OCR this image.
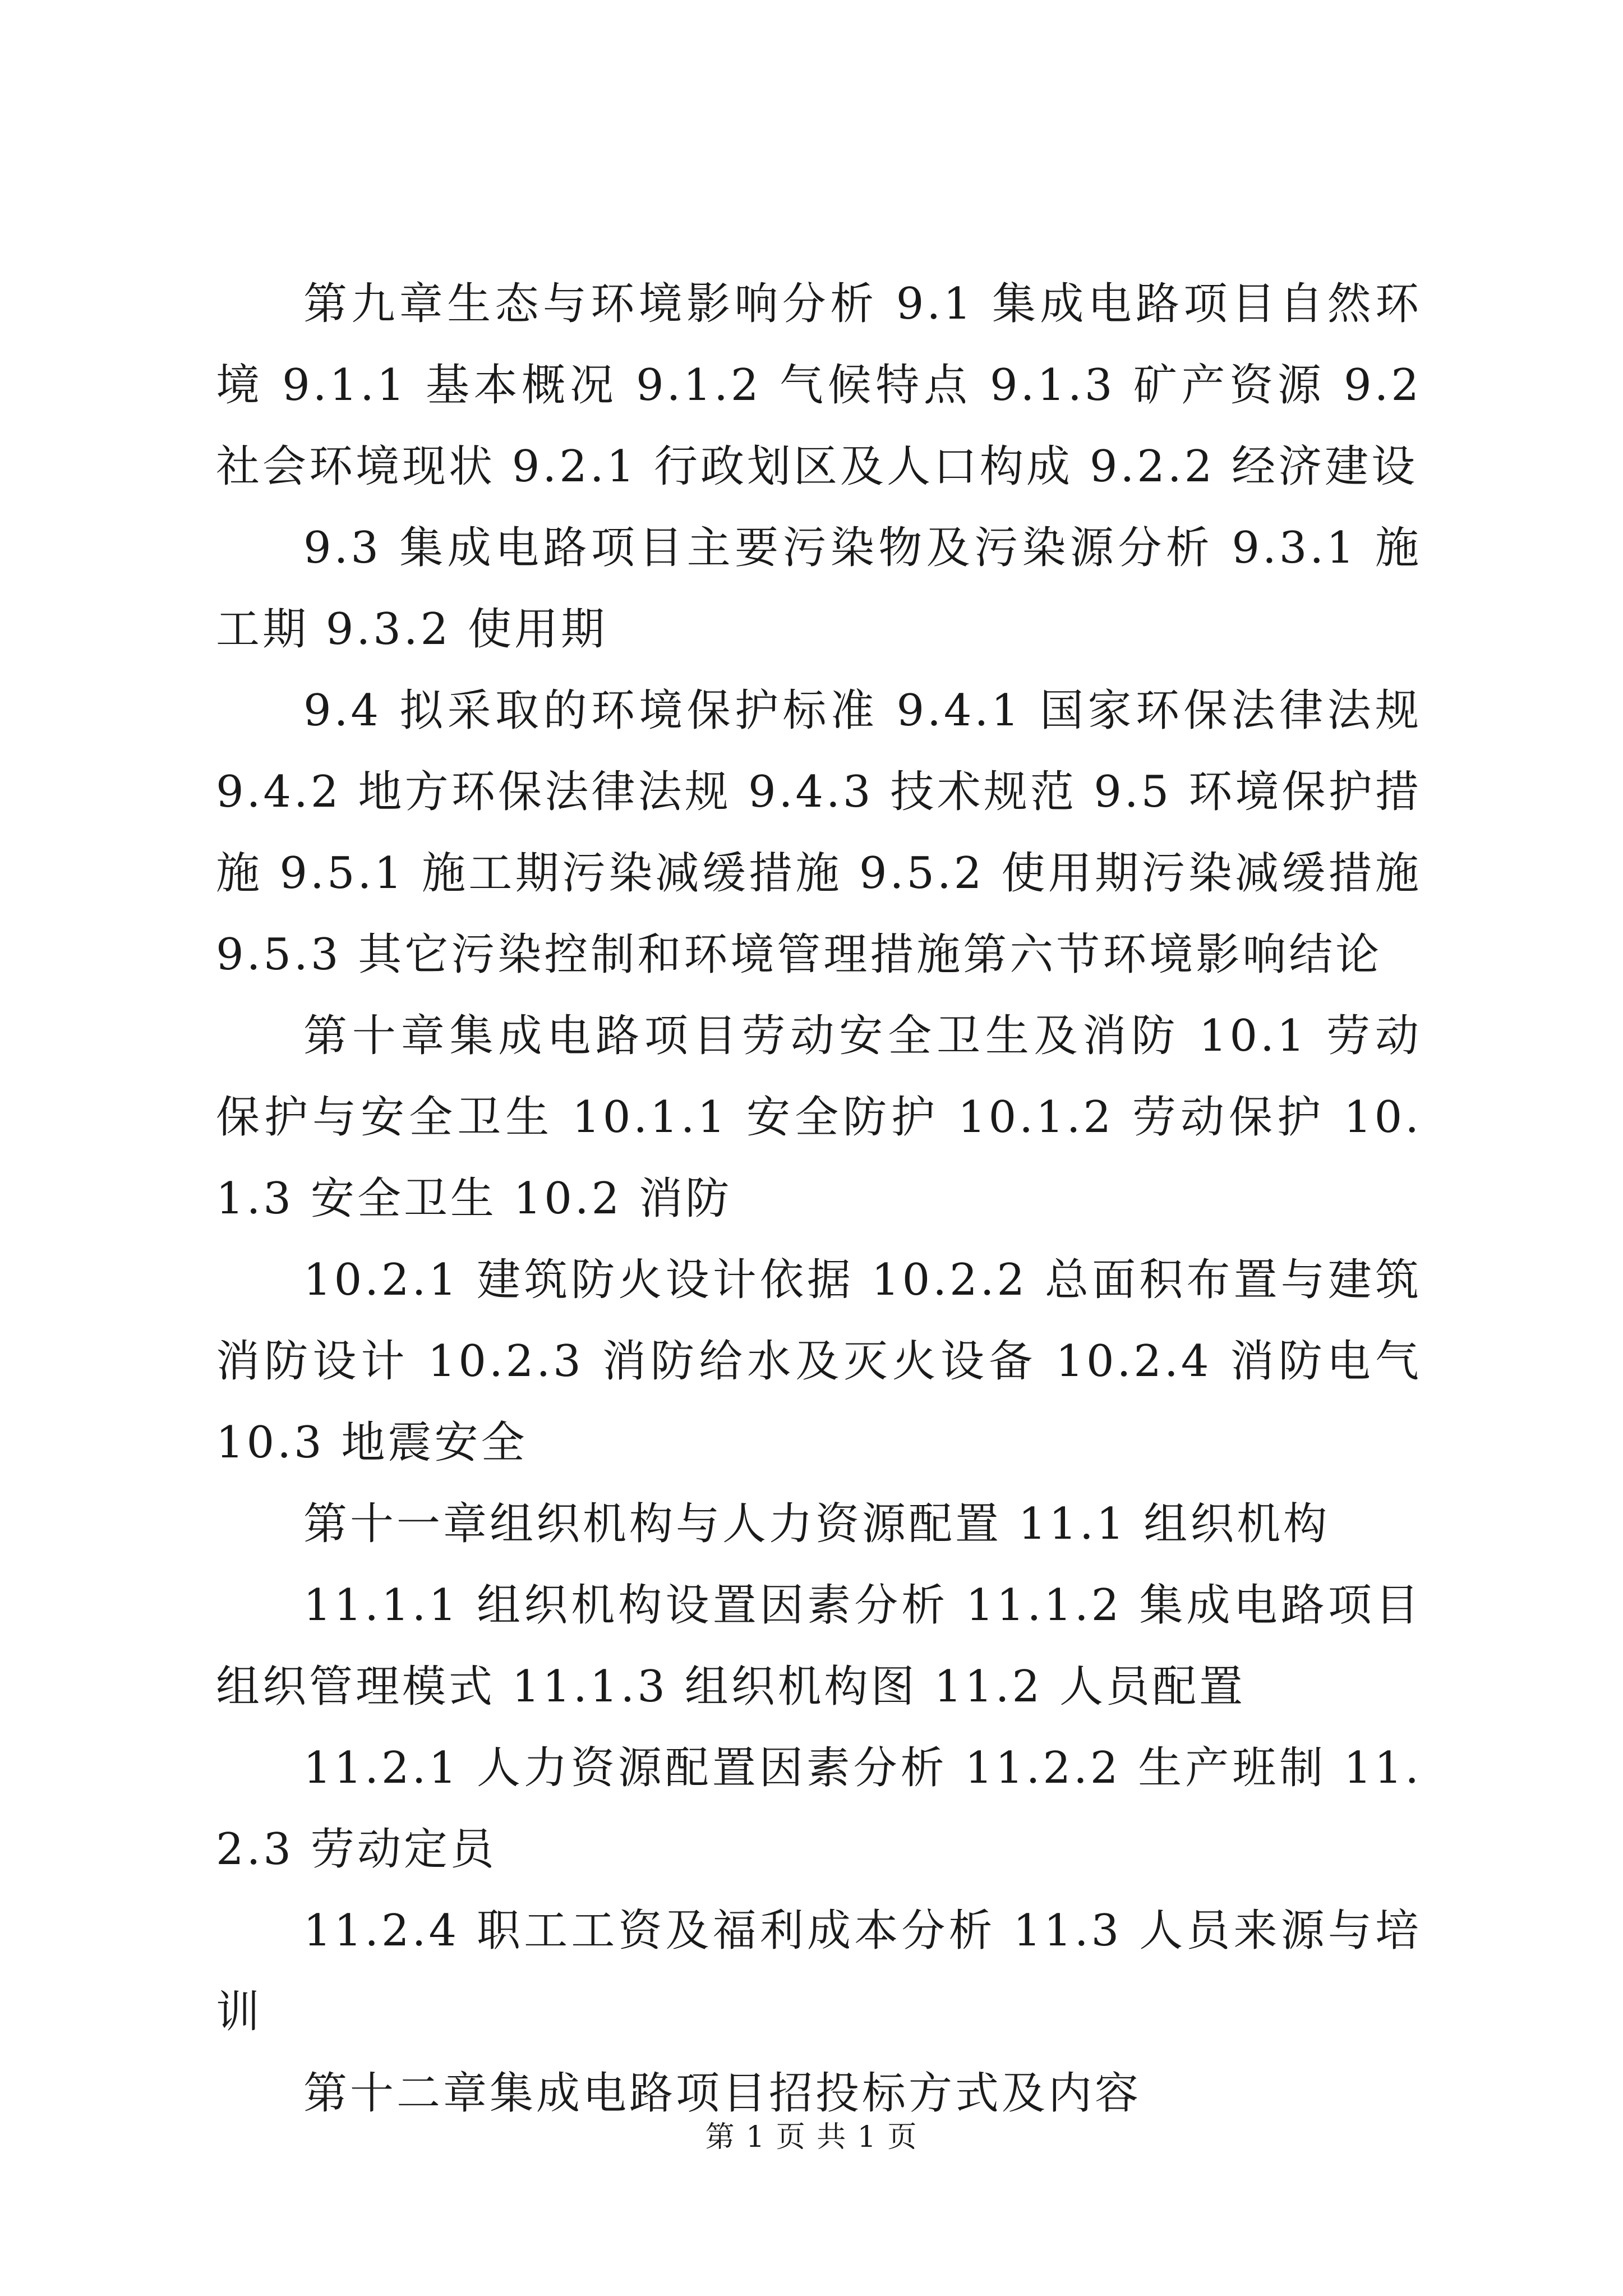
第九章生态与环境影响分析 9.1 集成电路项目自然环境 9.1.1 基本概况 9.1.2 气候特点 9.1.3 矿产资源 9.2 社会环境现状 9.2.1 行政划区及人口构成 9.2.2 经济建设

9.3 集成电路项目主要污染物及污染源分析 9.3.1 施工期 9.3.2 使用期

9.4 拟采取的环境保护标准 9.4.1 国家环保法律法规 9.4.2 地方环保法律法规 9.4.3 技术规范 9.5 环境保护措施 9.5.1 施工期污染减缓措施 9.5.2 使用期污染减缓措施 9.5.3 其它污染控制和环境管理措施第六节环境影响结论

第十章集成电路项目劳动安全卫生及消防 10.1 劳动保护与安全卫生 10.1.1 安全防护 10.1.2 劳动保护 10.1.3 安全卫生 10.2 消防

10.2.1 建筑防火设计依据 10.2.2 总面积布置与建筑消防设计 10.2.3 消防给水及灭火设备 10.2.4 消防电气 10.3 地震安全

第十一章组织机构与人力资源配置 11.1 组织机构

11.1.1 组织机构设置因素分析 11.1.2 集成电路项目组织管理模式 11.1.3 组织机构图 11.2 人员配置

11.2.1 人力资源配置因素分析 11.2.2 生产班制 11.2.3 劳动定员

11.2.4 职工工资及福利成本分析 11.3 人员来源与培训

第十二章集成电路项目招投标方式及内容

第 1 页 共 1 页
